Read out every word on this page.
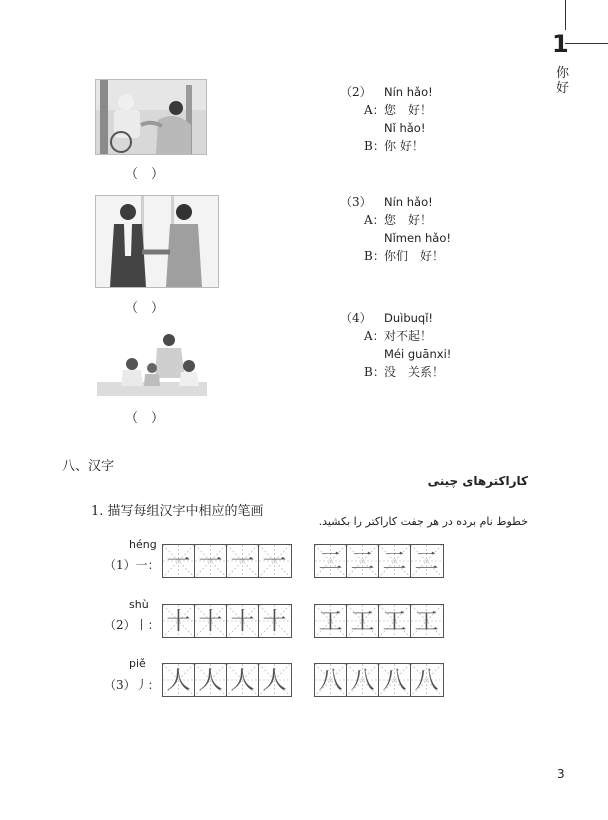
1
你好
（　）
（　）
（　）
（2） Nín hǎo!
A： 您　好！
Nǐ hǎo!
B： 你 好！
（3） Nín hǎo!
A： 您　好！
Nǐmen hǎo!
B： 你们　好！
（4） Duìbuqǐ!
A： 对不起！
Méi guānxi!
B： 没　关系！
八、汉字
کاراکترهای چینی
1. 描写每组汉字中相应的笔画
خطوط نام برده در هر جفت کاراکتر را بکشید.
héng
（1）一： 一 一 一 一 二 二 二 二
shù
（2）丨： 十 十 十 十 工 工 工 工
piě
（3）丿： 人 人 人 人 八 八 八 八
3
